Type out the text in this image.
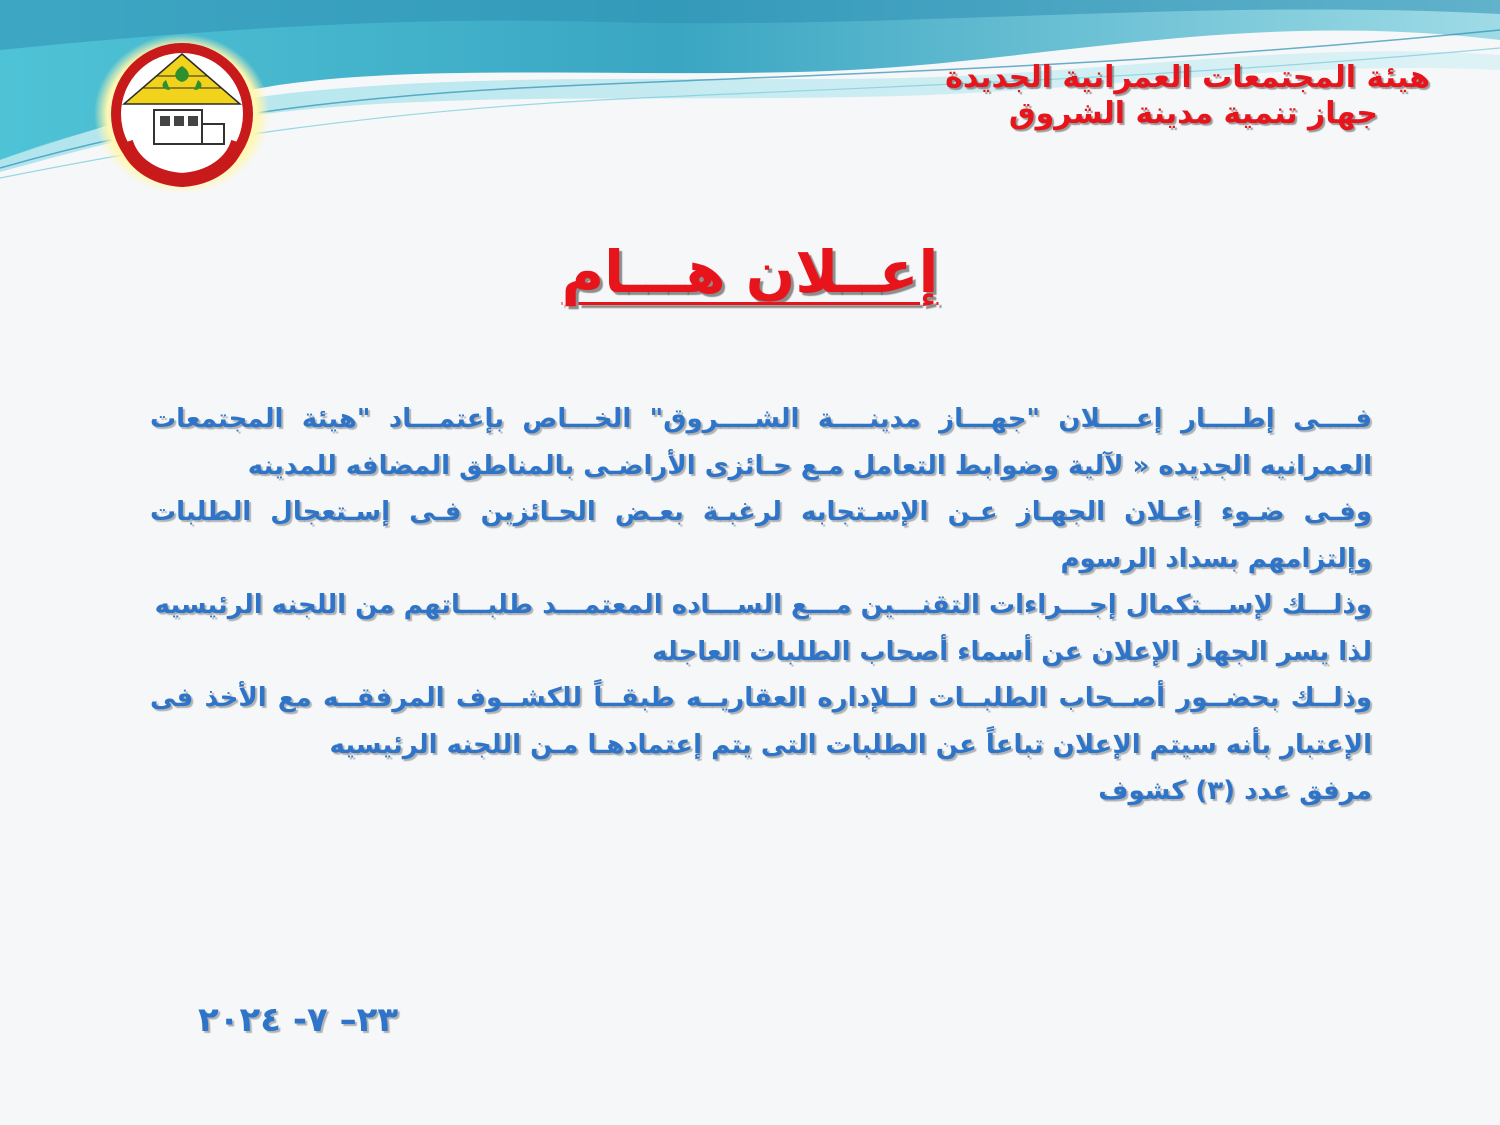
هيئة المجتمعات العمرانية الجديدة
جهاز تنمية مدينة الشروق
إعــلان هـــام

فــــى إطــــار إعــــلان "جهـــاز مدينــــة الشــــروق" الخـــاص بإعتمـــاد "هيئة المجتمعات العمرانيه الجديده « لآلية وضوابط التعامل مـع حـائزى الأراضـى بالمناطق المضافه للمدينه

وفـى ضـوء إعـلان الجهـاز عـن الإسـتجابه لرغبـة بعـض الحـائزين فـى إسـتعجال الطلبات وإلتزامهم بسداد الرسوم

وذلـــك لإســـتكمال إجـــراءات التقنـــين مـــع الســـاده المعتمـــد طلبـــاتهم من اللجنه الرئيسيه

لذا يسر الجهاز الإعلان عن أسماء أصحاب الطلبات العاجله

وذلــك بحضــور أصــحاب الطلبــات لــلإداره العقاريــه طبقــاً للكشــوف المرفقــه مع الأخذ فى الإعتبار بأنه سيتم الإعلان تباعاً عن الطلبات التى يتم إعتمادهـا مـن اللجنه الرئيسيه

مرفق عدد (٣) كشوف

٢٣– ٧- ٢٠٢٤
